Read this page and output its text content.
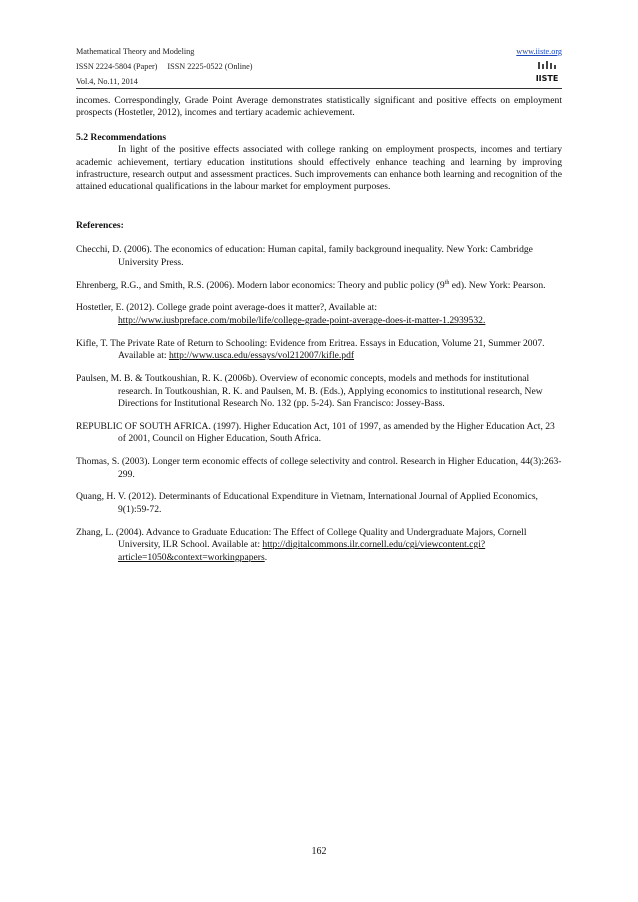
Mathematical Theory and Modeling
ISSN 2224-5804 (Paper) ISSN 2225-0522 (Online)
Vol.4, No.11, 2014
www.iiste.org
IISTE

incomes. Correspondingly, Grade Point Average demonstrates statistically significant and positive effects on employment prospects (Hostetler, 2012), incomes and tertiary academic achievement.

5.2 Recommendations

In light of the positive effects associated with college ranking on employment prospects, incomes and tertiary academic achievement, tertiary education institutions should effectively enhance teaching and learning by improving infrastructure, research output and assessment practices. Such improvements can enhance both learning and recognition of the attained educational qualifications in the labour market for employment purposes.

References:

Checchi, D. (2006). The economics of education: Human capital, family background inequality. New York: Cambridge University Press.

Ehrenberg, R.G., and Smith, R.S. (2006). Modern labor economics: Theory and public policy (9th ed). New York: Pearson.

Hostetler, E. (2012). College grade point average-does it matter?, Available at: http://www.iusbpreface.com/mobile/life/college-grade-point-average-does-it-matter-1.2939532.

Kifle, T. The Private Rate of Return to Schooling: Evidence from Eritrea. Essays in Education, Volume 21, Summer 2007. Available at: http://www.usca.edu/essays/vol212007/kifle.pdf

Paulsen, M. B. & Toutkoushian, R. K. (2006b). Overview of economic concepts, models and methods for institutional research. In Toutkoushian, R. K. and Paulsen, M. B. (Eds.), Applying economics to institutional research, New Directions for Institutional Research No. 132 (pp. 5-24). San Francisco: Jossey-Bass.

REPUBLIC OF SOUTH AFRICA. (1997). Higher Education Act, 101 of 1997, as amended by the Higher Education Act, 23 of 2001, Council on Higher Education, South Africa.

Thomas, S. (2003). Longer term economic effects of college selectivity and control. Research in Higher Education, 44(3):263-299.

Quang, H. V. (2012). Determinants of Educational Expenditure in Vietnam, International Journal of Applied Economics, 9(1):59-72.

Zhang, L. (2004). Advance to Graduate Education: The Effect of College Quality and Undergraduate Majors, Cornell University, ILR School. Available at: http://digitalcommons.ilr.cornell.edu/cgi/viewcontent.cgi?article=1050&context=workingpapers.

162
